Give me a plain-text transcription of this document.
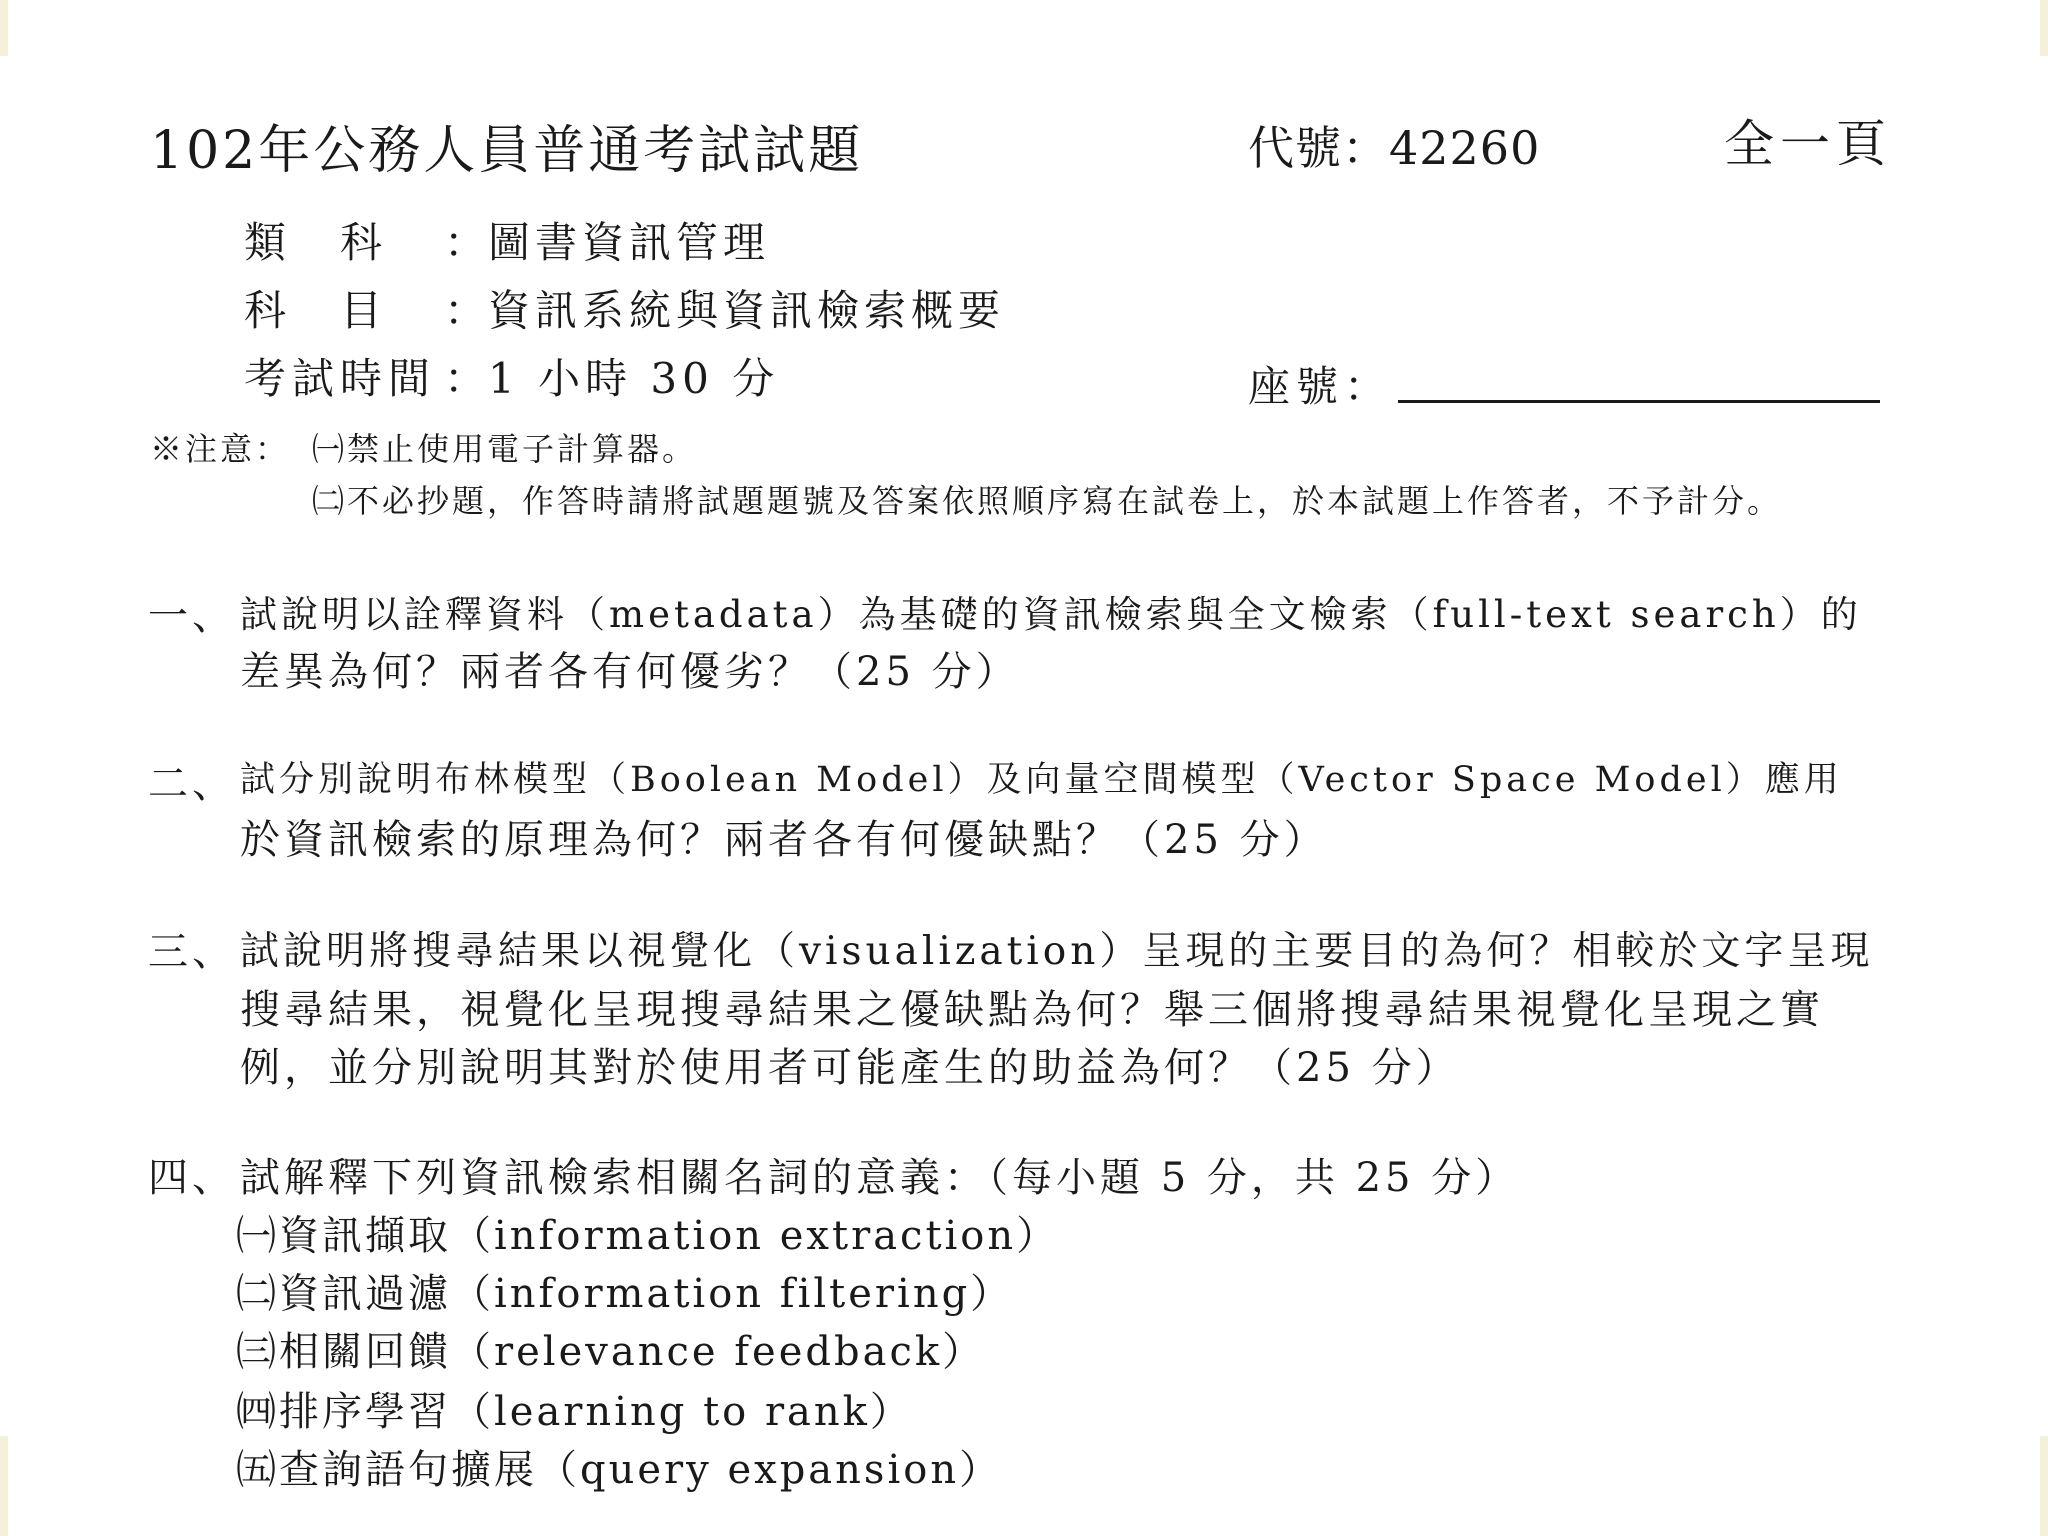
102年公務人員普通考試試題	代號：42260	全一頁
類　科	：
圖書資訊管理
科　目	：
資訊系統與資訊檢索概要
考試時間 ：
1 小時 30 分	座號：
※注意： ㈠禁止使用電子計算器。
㈡不必抄題，作答時請將試題題號及答案依照順序寫在試卷上，於本試題上作答者，不予計分。
一、 試說明以詮釋資料（metadata）為基礎的資訊檢索與全文檢索（full-text search）的
差異為何？兩者各有何優劣？（25 分）
二、 試分別說明布林模型（Boolean Model）及向量空間模型（Vector Space Model）應用
於資訊檢索的原理為何？兩者各有何優缺點？（25 分）
三、 試說明將搜尋結果以視覺化（visualization）呈現的主要目的為何？相較於文字呈現
搜尋結果，視覺化呈現搜尋結果之優缺點為何？舉三個將搜尋結果視覺化呈現之實
例，並分別說明其對於使用者可能產生的助益為何？（25 分）
四、 試解釋下列資訊檢索相關名詞的意義：（每小題 5 分，共 25 分）
㈠資訊擷取（information extraction）
㈡資訊過濾（information filtering）
㈢相關回饋（relevance feedback）
㈣排序學習（learning to rank）
㈤查詢語句擴展（query expansion）
